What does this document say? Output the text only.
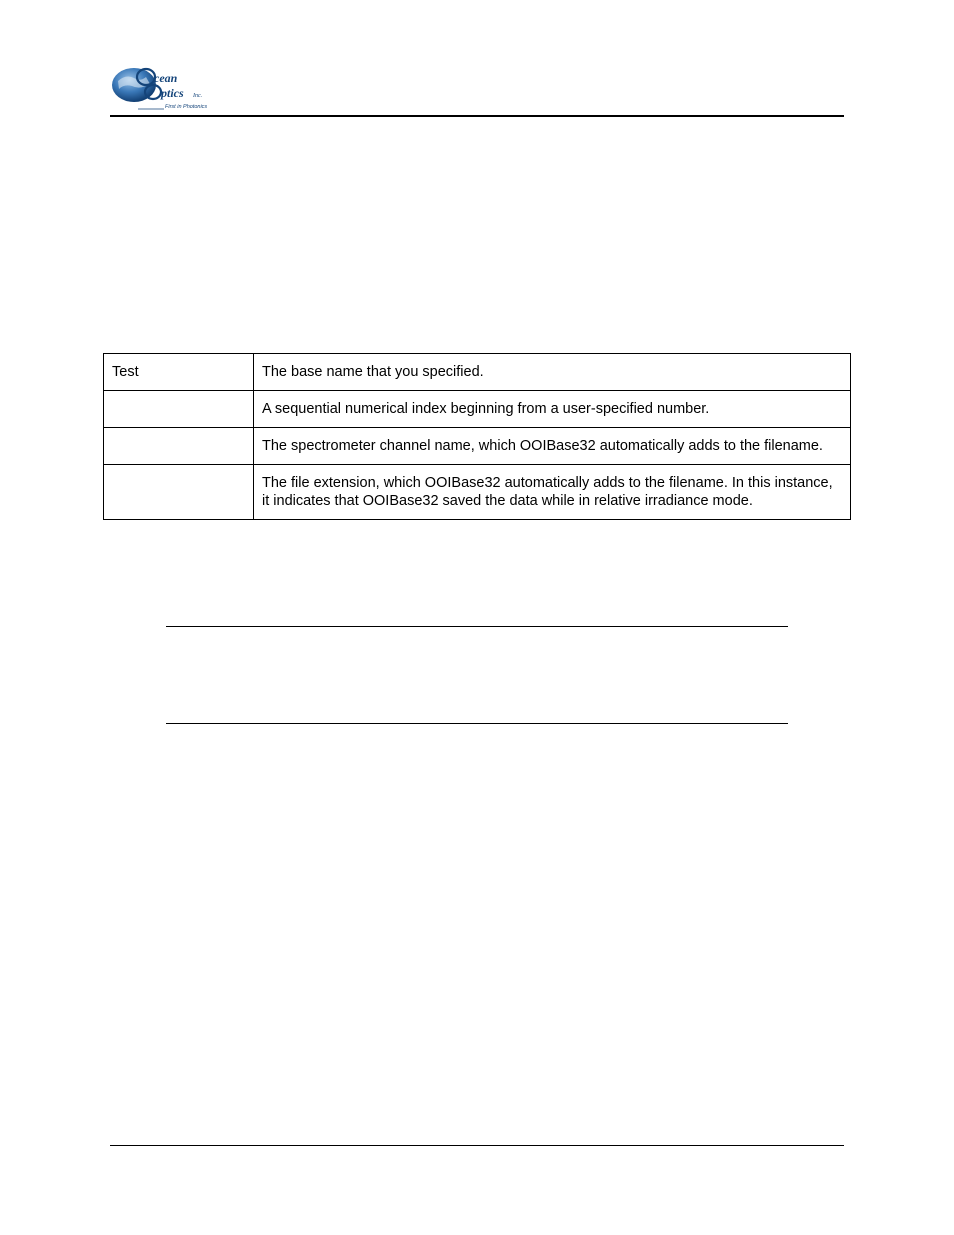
cean
ptics Inc.
First in Photonics
Test	The base name that you specified.
	A sequential numerical index beginning from a user-specified number.
	The spectrometer channel name, which OOIBase32 automatically adds to the filename.
	The file extension, which OOIBase32 automatically adds to the filename. In this instance, it indicates that OOIBase32 saved the data while in relative irradiance mode.
